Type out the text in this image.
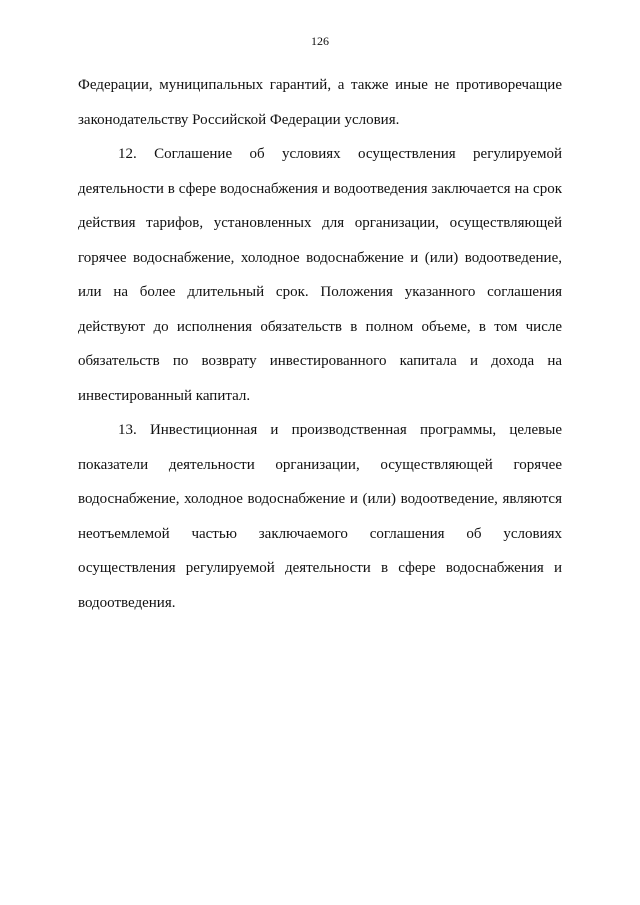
126
Федерации, муниципальных гарантий, а также иные не противоречащие
законодательству Российской Федерации условия.
12. Соглашение об условиях осуществления регулируемой
деятельности в сфере водоснабжения и водоотведения заключается на срок
действия тарифов, установленных для организации, осуществляющей
горячее водоснабжение, холодное водоснабжение и (или) водоотведение,
или на более длительный срок. Положения указанного соглашения
действуют до исполнения обязательств в полном объеме, в том числе
обязательств по возврату инвестированного капитала и дохода на
инвестированный капитал.
13. Инвестиционная и производственная программы, целевые
показатели деятельности организации, осуществляющей горячее
водоснабжение, холодное водоснабжение и (или) водоотведение, являются
неотъемлемой частью заключаемого соглашения об условиях
осуществления регулируемой деятельности в сфере водоснабжения и
водоотведения.
